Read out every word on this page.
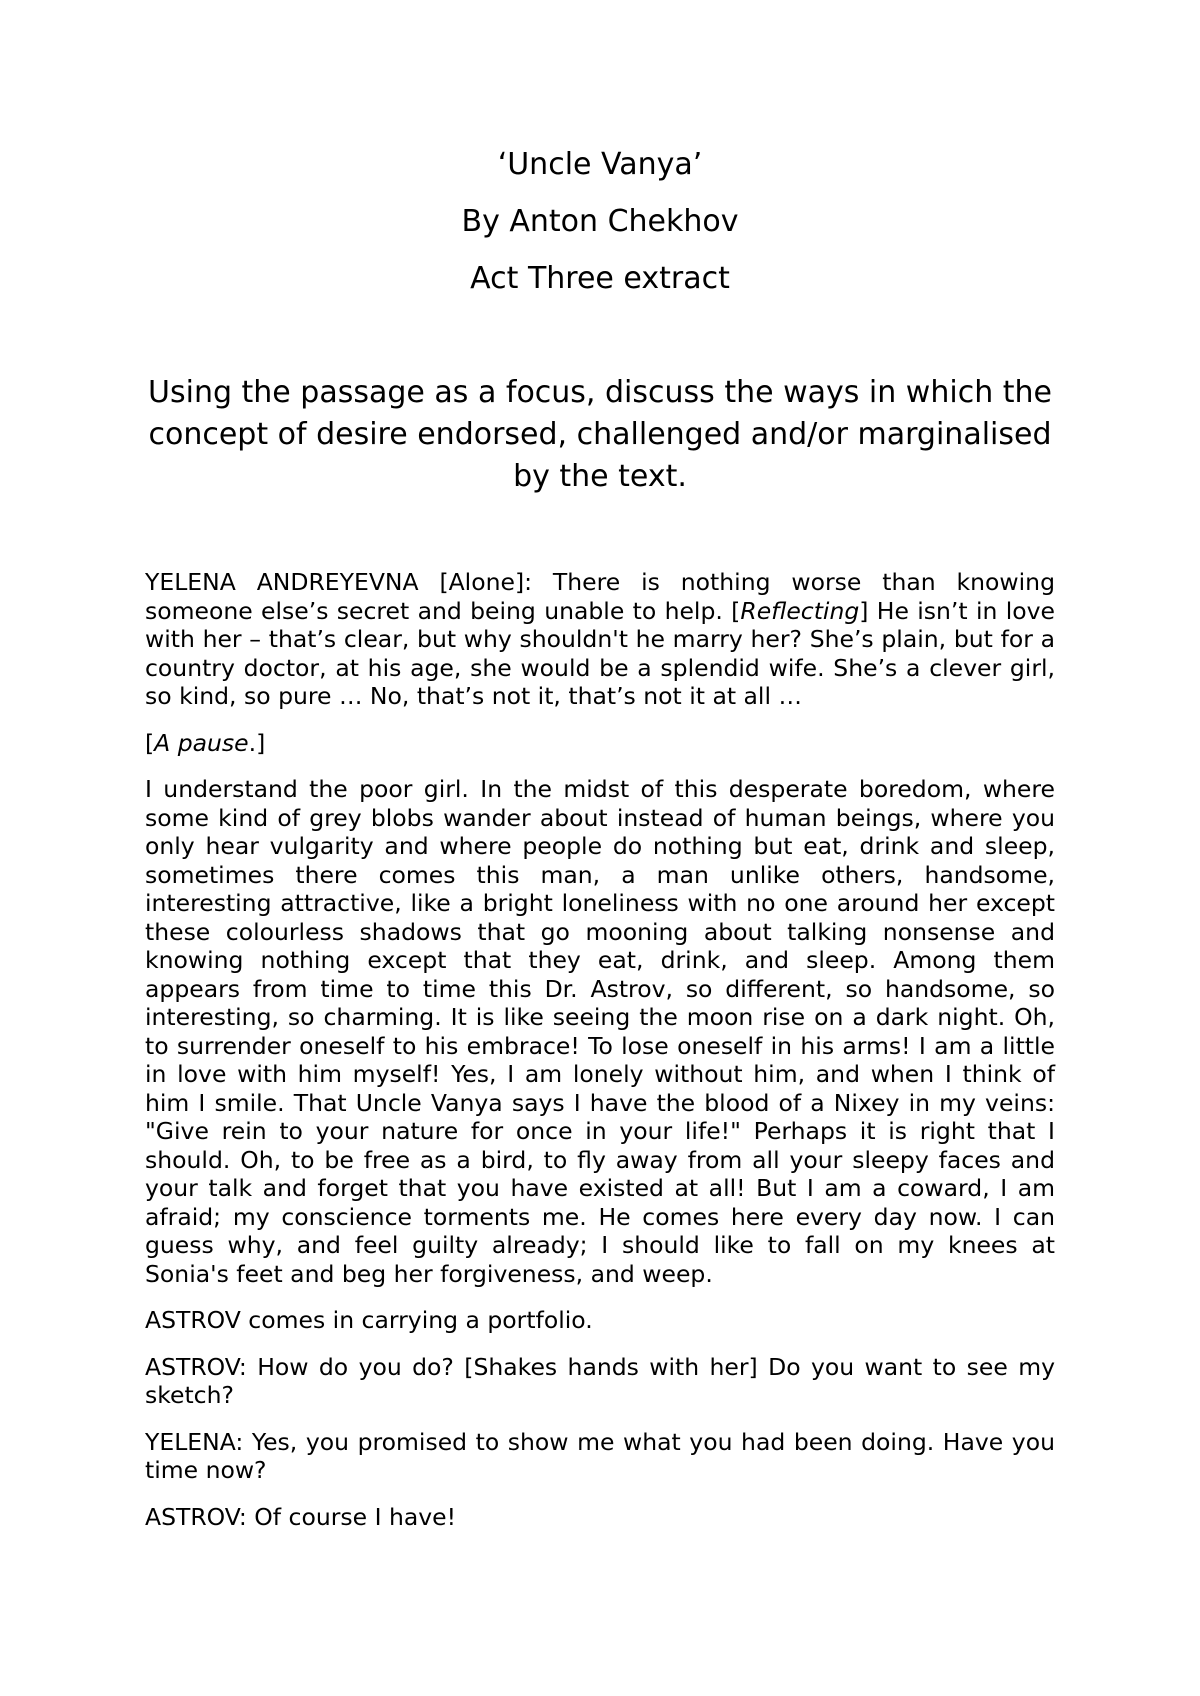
‘Uncle Vanya’
By Anton Chekhov
Act Three extract

Using the passage as a focus, discuss the ways in which the concept of desire endorsed, challenged and/or marginalised by the text.

YELENA ANDREYEVNA [Alone]: There is nothing worse than knowing someone else’s secret and being unable to help. [Reflecting] He isn’t in love with her – that’s clear, but why shouldn't he marry her? She’s plain, but for a country doctor, at his age, she would be a splendid wife. She’s a clever girl, so kind, so pure … No, that’s not it, that’s not it at all …

[A pause.]

I understand the poor girl. In the midst of this desperate boredom, where some kind of grey blobs wander about instead of human beings, where you only hear vulgarity and where people do nothing but eat, drink and sleep, sometimes there comes this man, a man unlike others, handsome, interesting attractive, like a bright loneliness with no one around her except these colourless shadows that go mooning about talking nonsense and knowing nothing except that they eat, drink, and sleep. Among them appears from time to time this Dr. Astrov, so different, so handsome, so interesting, so charming. It is like seeing the moon rise on a dark night. Oh, to surrender oneself to his embrace! To lose oneself in his arms! I am a little in love with him myself! Yes, I am lonely without him, and when I think of him I smile. That Uncle Vanya says I have the blood of a Nixey in my veins: "Give rein to your nature for once in your life!" Perhaps it is right that I should. Oh, to be free as a bird, to fly away from all your sleepy faces and your talk and forget that you have existed at all! But I am a coward, I am afraid; my conscience torments me. He comes here every day now. I can guess why, and feel guilty already; I should like to fall on my knees at Sonia's feet and beg her forgiveness, and weep.

ASTROV comes in carrying a portfolio.

ASTROV: How do you do? [Shakes hands with her] Do you want to see my sketch?

YELENA: Yes, you promised to show me what you had been doing. Have you time now?

ASTROV: Of course I have!
